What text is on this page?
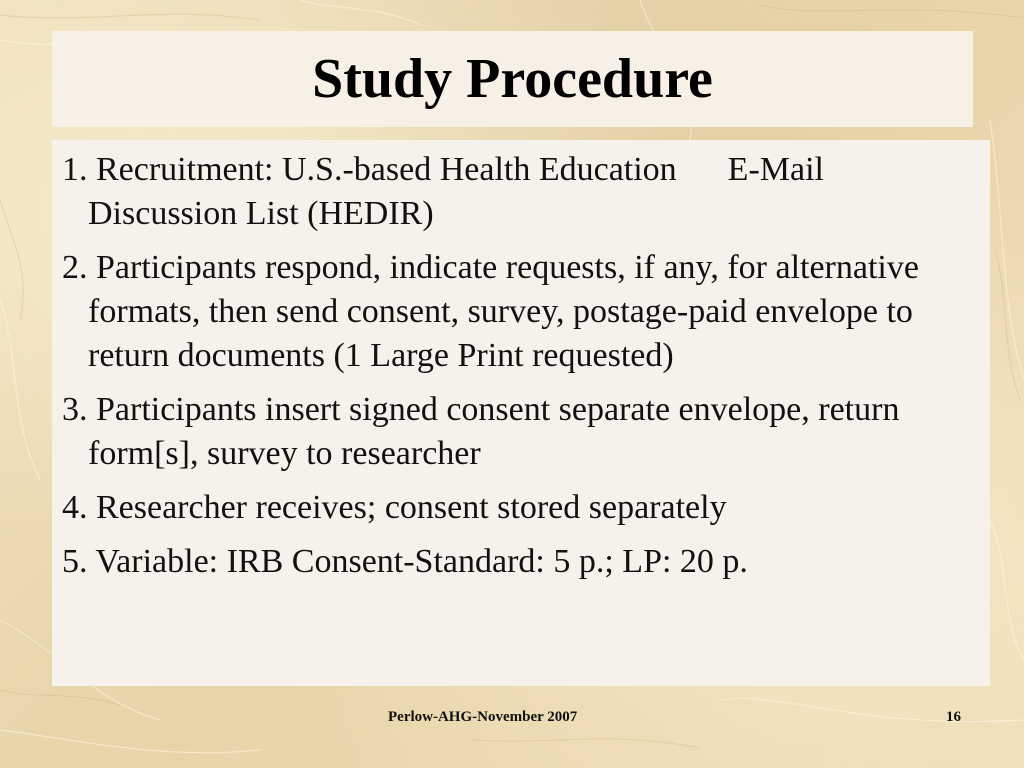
Study Procedure
1. Recruitment: U.S.-based Health Education      E-Mail Discussion List (HEDIR)
2. Participants respond, indicate requests, if any, for alternative formats, then send consent, survey, postage-paid envelope to return documents (1 Large Print requested)
3. Participants insert signed consent separate envelope, return form[s], survey to researcher
4. Researcher receives; consent stored separately
5. Variable: IRB Consent-Standard: 5 p.; LP: 20 p.
Perlow-AHG-November 2007	16
